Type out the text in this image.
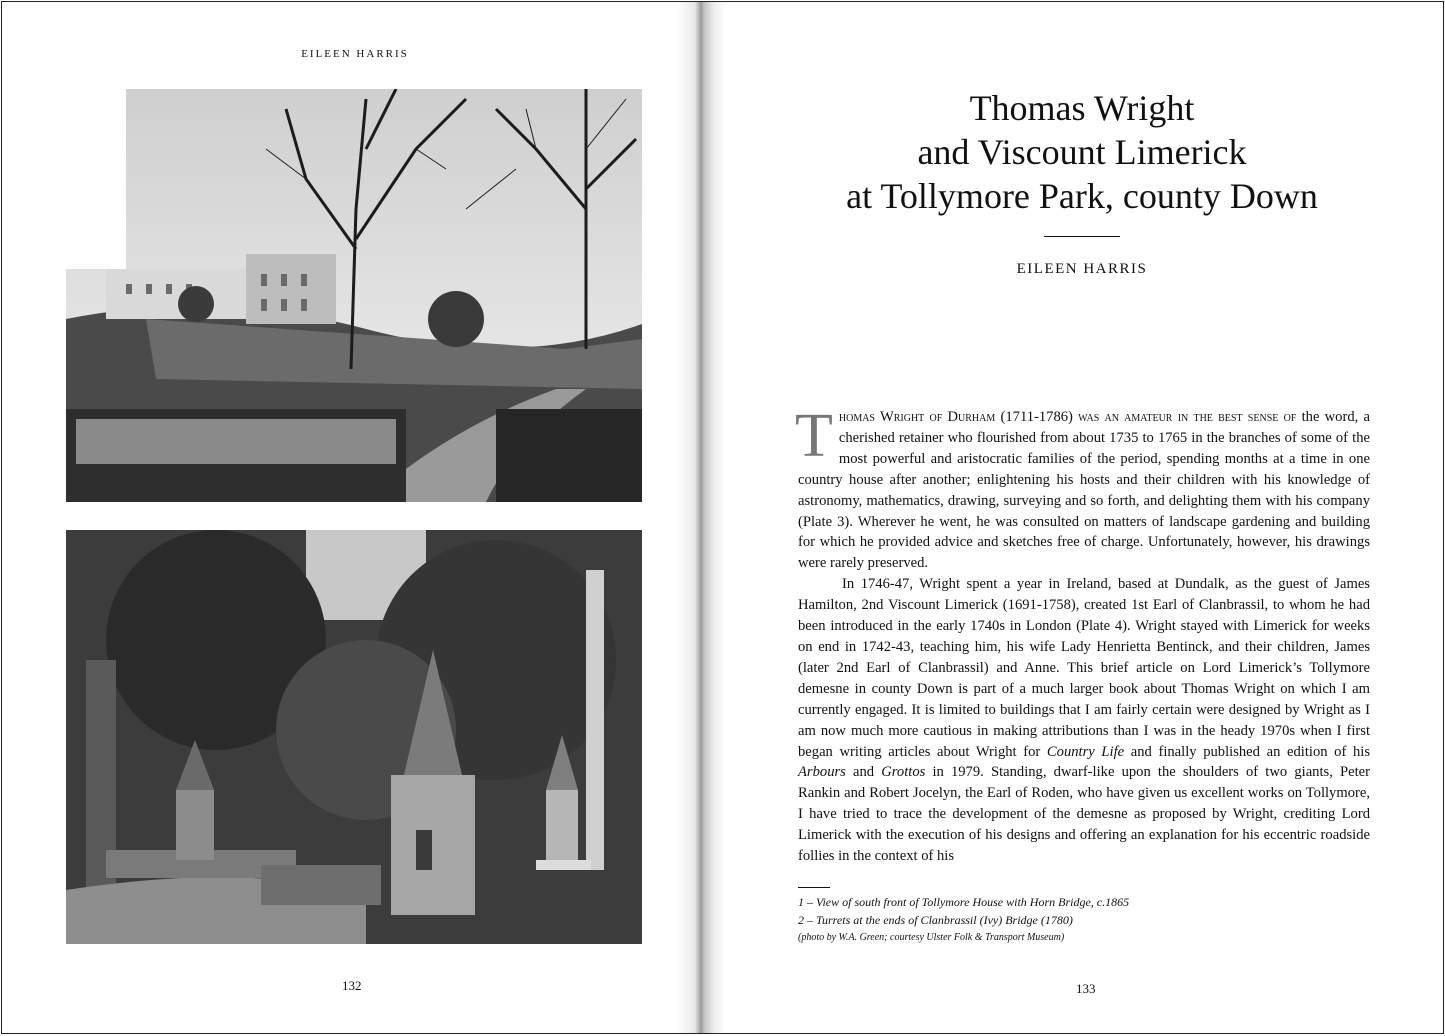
EILEEN HARRIS
132
Thomas Wright
and Viscount Limerick
at Tollymore Park, county Down
EILEEN HARRIS

Thomas Wright of Durham (1711-1786) was an amateur in the best sense of the word, a cherished retainer who flourished from about 1735 to 1765 in the branches of some of the most powerful and aristocratic families of the period, spending months at a time in one country house after another; enlightening his hosts and their children with his knowledge of astronomy, mathematics, drawing, surveying and so forth, and delighting them with his company (Plate 3). Wherever he went, he was consulted on matters of landscape gardening and building for which he provided advice and sketches free of charge. Unfortunately, however, his drawings were rarely preserved.

In 1746-47, Wright spent a year in Ireland, based at Dundalk, as the guest of James Hamilton, 2nd Viscount Limerick (1691-1758), created 1st Earl of Clanbrassil, to whom he had been introduced in the early 1740s in London (Plate 4). Wright stayed with Limerick for weeks on end in 1742-43, teaching him, his wife Lady Henrietta Bentinck, and their children, James (later 2nd Earl of Clanbrassil) and Anne. This brief article on Lord Limerick’s Tollymore demesne in county Down is part of a much larger book about Thomas Wright on which I am currently engaged. It is limited to buildings that I am fairly certain were designed by Wright as I am now much more cautious in making attributions than I was in the heady 1970s when I first began writing articles about Wright for Country Life and finally published an edition of his Arbours and Grottos in 1979. Standing, dwarf-like upon the shoulders of two giants, Peter Rankin and Robert Jocelyn, the Earl of Roden, who have given us excellent works on Tollymore, I have tried to trace the development of the demesne as proposed by Wright, crediting Lord Limerick with the execution of his designs and offering an explanation for his eccentric roadside follies in the context of his

1 – View of south front of Tollymore House with Horn Bridge, c.1865
2 – Turrets at the ends of Clanbrassil (Ivy) Bridge (1780)
(photo by W.A. Green; courtesy Ulster Folk & Transport Museum)
133
